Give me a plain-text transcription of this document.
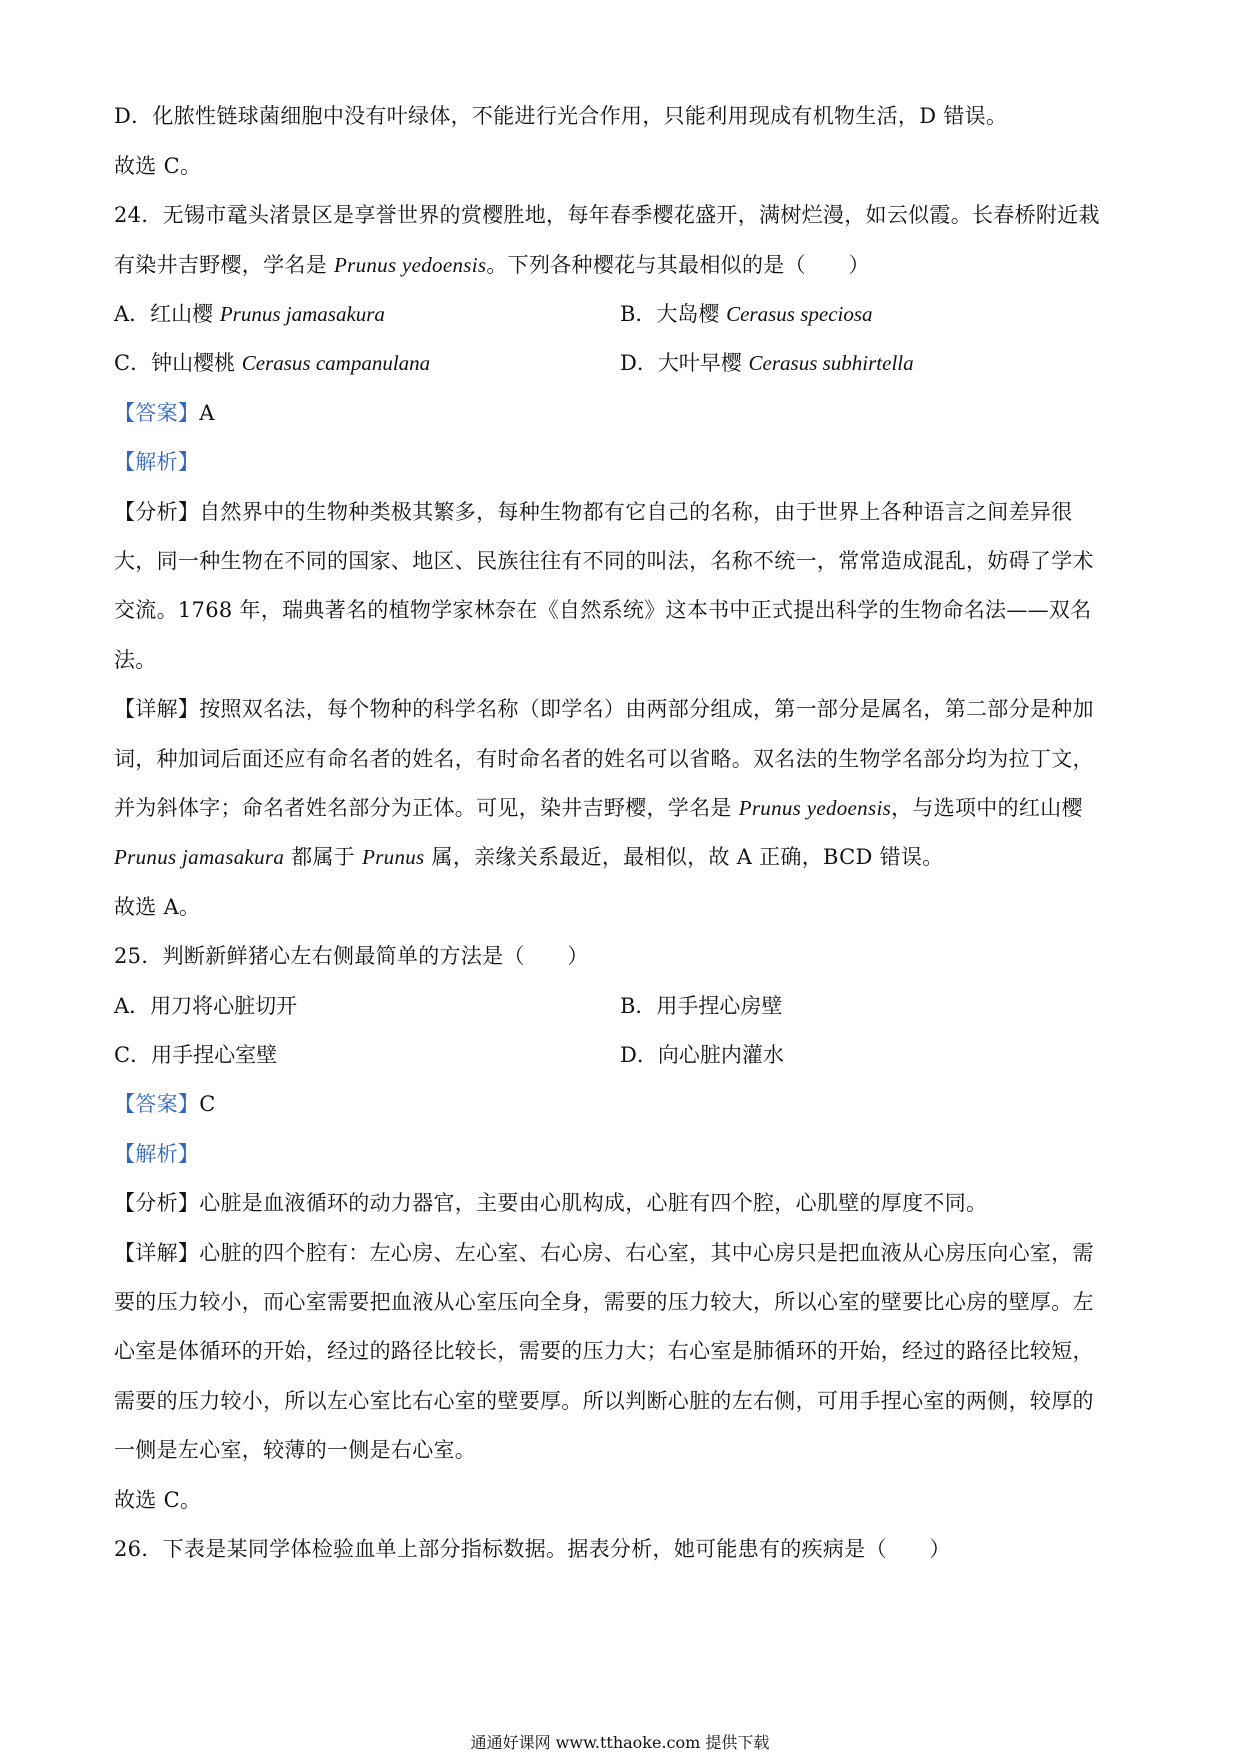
D．化脓性链球菌细胞中没有叶绿体，不能进行光合作用，只能利用现成有机物生活，D 错误。
故选 C。
24．无锡市鼋头渚景区是享誉世界的赏樱胜地，每年春季樱花盛开，满树烂漫，如云似霞。长春桥附近栽
有染井吉野樱，学名是 Prunus yedoensis。下列各种樱花与其最相似的是（　　）
A．红山樱 Prunus jamasakura	B．大岛樱 Cerasus speciosa
C．钟山樱桃 Cerasus campanulana	D．大叶早樱 Cerasus subhirtella
【答案】A
【解析】
【分析】自然界中的生物种类极其繁多，每种生物都有它自己的名称，由于世界上各种语言之间差异很
大，同一种生物在不同的国家、地区、民族往往有不同的叫法，名称不统一，常常造成混乱，妨碍了学术
交流。1768 年，瑞典著名的植物学家林奈在《自然系统》这本书中正式提出科学的生物命名法——双名
法。
【详解】按照双名法，每个物种的科学名称（即学名）由两部分组成，第一部分是属名，第二部分是种加
词，种加词后面还应有命名者的姓名，有时命名者的姓名可以省略。双名法的生物学名部分均为拉丁文，
并为斜体字；命名者姓名部分为正体。可见，染井吉野樱，学名是 Prunus yedoensis，与选项中的红山樱
Prunus jamasakura 都属于 Prunus 属，亲缘关系最近，最相似，故 A 正确，BCD 错误。
故选 A。
25．判断新鲜猪心左右侧最简单的方法是（　　）
A．用刀将心脏切开	B．用手捏心房壁
C．用手捏心室壁	D．向心脏内灌水
【答案】C
【解析】
【分析】心脏是血液循环的动力器官，主要由心肌构成，心脏有四个腔，心肌壁的厚度不同。
【详解】心脏的四个腔有：左心房、左心室、右心房、右心室，其中心房只是把血液从心房压向心室，需
要的压力较小，而心室需要把血液从心室压向全身，需要的压力较大，所以心室的壁要比心房的壁厚。左
心室是体循环的开始，经过的路径比较长，需要的压力大；右心室是肺循环的开始，经过的路径比较短，
需要的压力较小，所以左心室比右心室的壁要厚。所以判断心脏的左右侧，可用手捏心室的两侧，较厚的
一侧是左心室，较薄的一侧是右心室。
故选 C。
26．下表是某同学体检验血单上部分指标数据。据表分析，她可能患有的疾病是（　　）
通通好课网 www.tthaoke.com 提供下载
